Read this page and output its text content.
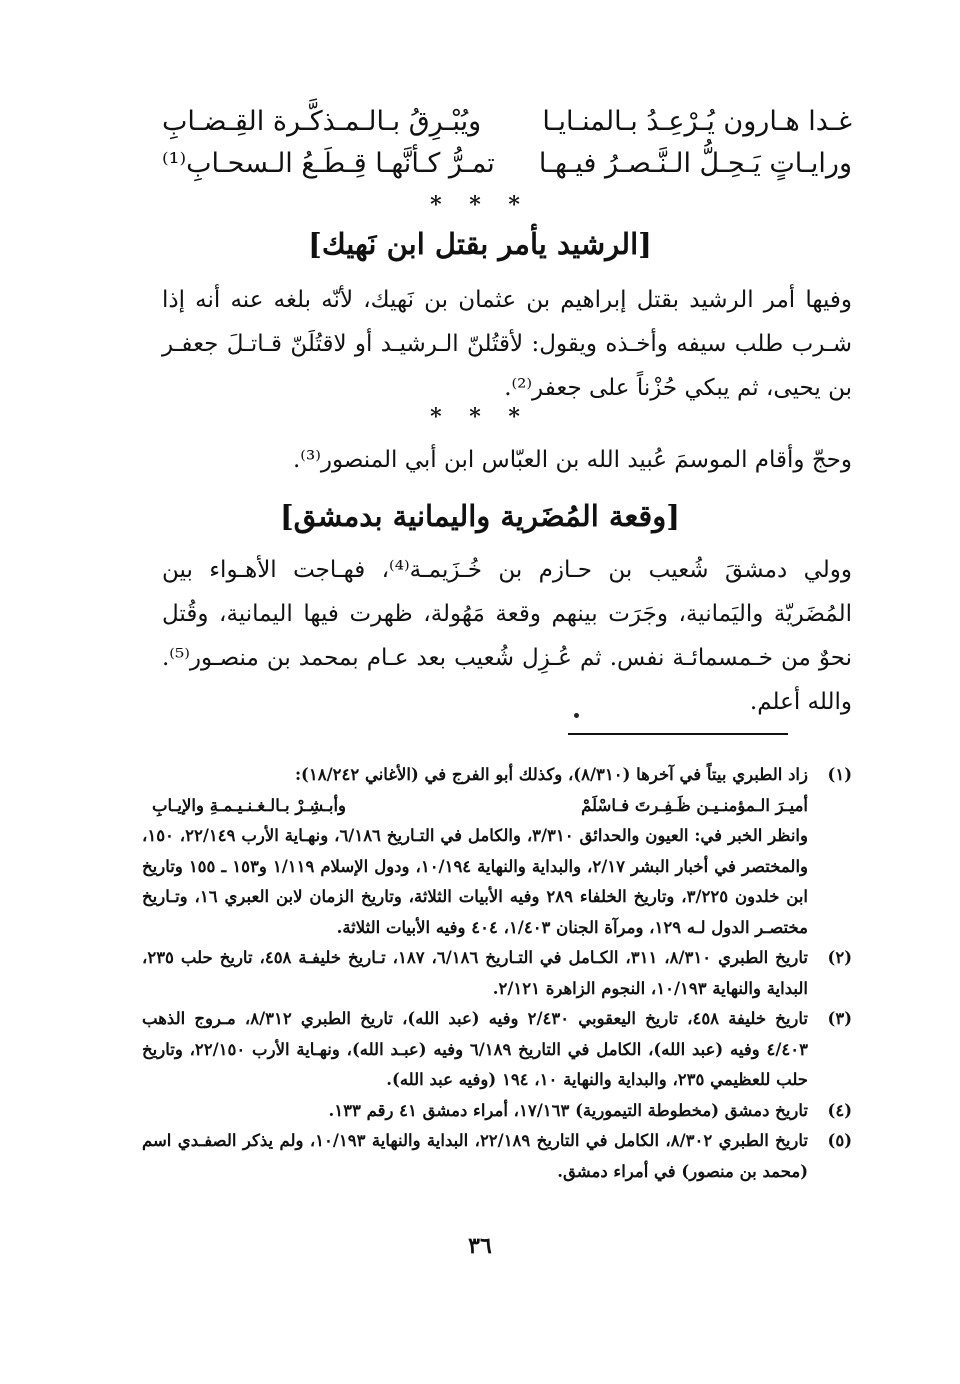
غـدا هـارون يُـرْعِـدُ بـالمنـايـا
ويُبْـرِقُ بـالـمـذكَّـرة القِـضـابِ
ورايـاتٍ يَـحِـلُّ الـنَّـصـرُ فيـهـا
تمـرُّ كـأنَّهـا قِـطَـعُ الـسحـابِ⁽¹⁾
* * *
[الرشيد يأمر بقتل ابن نَهيك]
وفيها أمر الرشيد بقتل إبراهيم بن عثمان بن نَهيك، لأنّه بلغه عنه أنه إذا شـرب طلب سيفه وأخـذه ويقول: لأقتُلنّ الـرشيـد أو لاقتُلَنّ قـاتـلَ جعفـر بن يحيى، ثم يبكي حُزْناً على جعفر⁽²⁾.
* * *
وحجّ وأقام الموسمَ عُبيد الله بن العبّاس ابن أبي المنصور⁽³⁾.
[وقعة المُضَرية واليمانية بدمشق]
وولي دمشقَ شُعيب بن حـازم بن خُـزَيمـة⁽⁴⁾، فهـاجت الأهـواء بين المُضَريّة واليَمانية، وجَرَت بينهم وقعة مَهُولة، ظهرت فيها اليمانية، وقُتل نحوٌ من خـمسمائـة نفس. ثم عُـزِل شُعيب بعد عـام بمحمد بن منصـور⁽⁵⁾. والله أعلم.
(١)
زاد الطبري بيتاً في آخرها (٨/٣١٠)، وكذلك أبو الفرج في (الأغاني ١٨/٢٤٢):
أميـرَ الـمؤمنـيـن ظَـفِـرتَ فـاسْلَمْ
وأبـشِـرْ بـالـغـنـيـمـةِ والإيـابِ
وانظر الخبر في: العيون والحدائق ٣/٣١٠، والكامل في التـاريخ ٦/١٨٦، ونهـاية الأرب ٢٢/١٤٩، ١٥٠، والمختصر في أخبار البشر ٢/١٧، والبداية والنهاية ١٠/١٩٤، ودول الإسلام ١/١١٩ و١٥٣ ـ ١٥٥ وتاريخ ابن خلدون ٣/٢٢٥، وتاريخ الخلفاء ٢٨٩ وفيه الأبيات الثلاثة، وتاريخ الزمان لابن العبري ١٦، وتـاريخ مختصـر الدول لـه ١٢٩، ومرآة الجنان ١/٤٠٣، ٤٠٤ وفيه الأبيات الثلاثة.
(٢)
تاريخ الطبري ٨/٣١٠، ٣١١، الكـامل في التـاريخ ٦/١٨٦، ١٨٧، تـاريخ خليفـة ٤٥٨، تاريخ حلب ٢٣٥، البداية والنهاية ١٠/١٩٣، النجوم الزاهرة ٢/١٢١.
(٣)
تاريخ خليفة ٤٥٨، تاريخ اليعقوبي ٢/٤٣٠ وفيه (عبد الله)، تاريخ الطبري ٨/٣١٢، مـروج الذهب ٤/٤٠٣ وفيه (عبد الله)، الكامل في التاريخ ٦/١٨٩ وفيه (عبـد الله)، ونهـاية الأرب ٢٢/١٥٠، وتاريخ حلب للعظيمي ٢٣٥، والبداية والنهاية ١٠، ١٩٤ (وفيه عبد الله).
(٤)
تاريخ دمشق (مخطوطة التيمورية) ١٧/١٦٣، أمراء دمشق ٤١ رقم ١٣٣.
(٥)
تاريخ الطبري ٨/٣٠٢، الكامل في التاريخ ٢٢/١٨٩، البداية والنهاية ١٠/١٩٣، ولم يذكر الصفـدي اسم (محمد بن منصور) في أمراء دمشق.
٣٦
